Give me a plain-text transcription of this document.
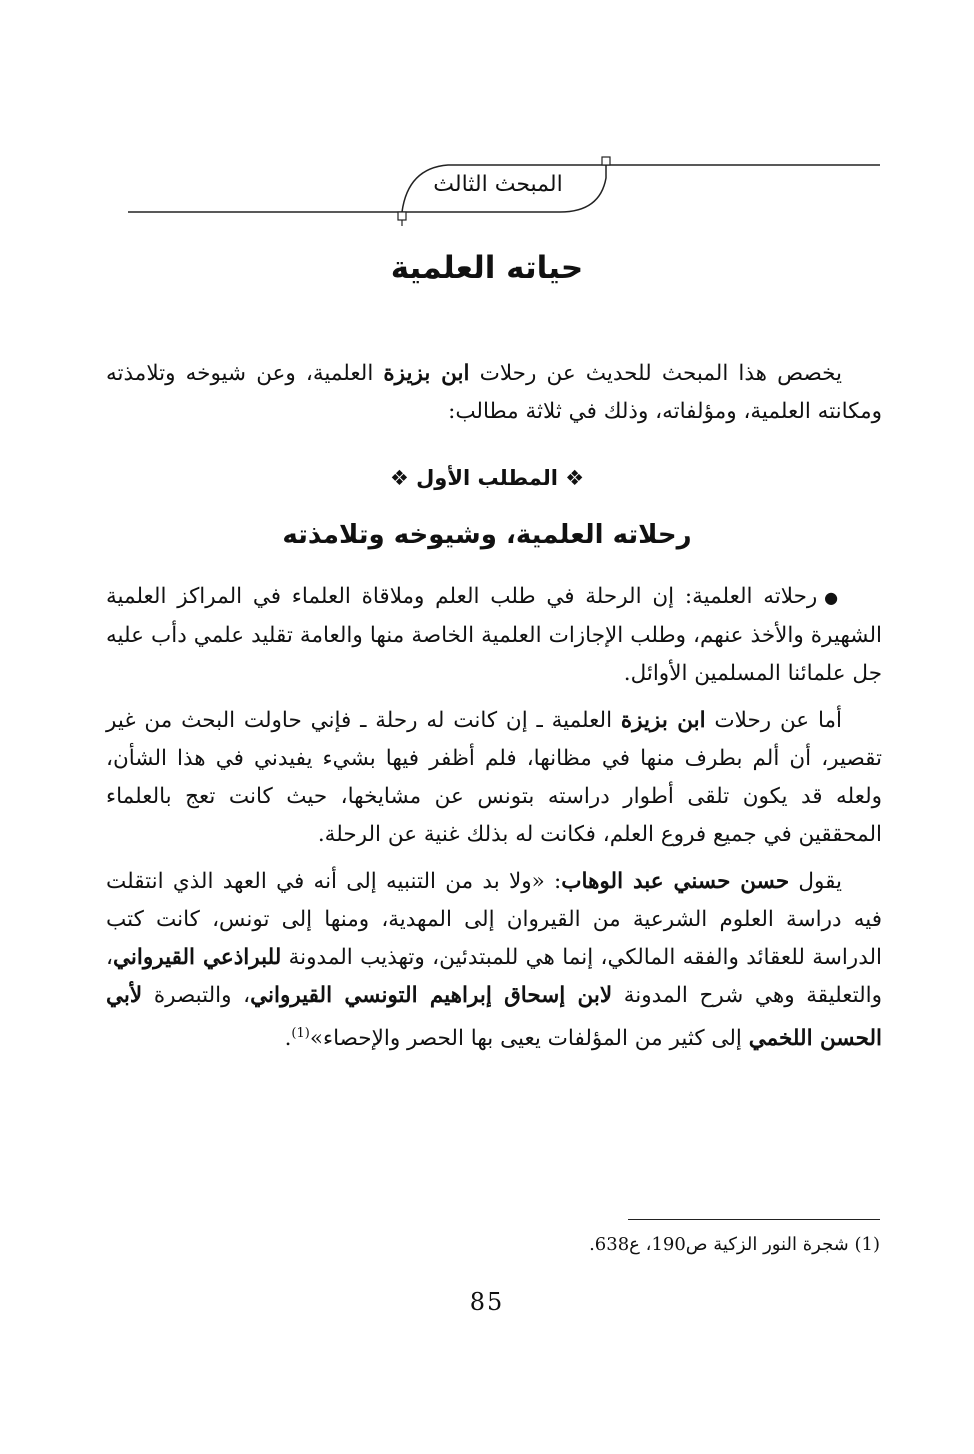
المبحث الثالث
حياته العلمية

يخصص هذا المبحث للحديث عن رحلات ابن بزيزة العلمية، وعن شيوخه وتلامذته ومكانته العلمية، ومؤلفاته، وذلك في ثلاثة مطالب:

❖ المطلب الأول ❖
رحلاته العلمية، وشيوخه وتلامذته

● رحلاته العلمية: إن الرحلة في طلب العلم وملاقاة العلماء في المراكز العلمية الشهيرة والأخذ عنهم، وطلب الإجازات العلمية الخاصة منها والعامة تقليد علمي دأب عليه جل علمائنا المسلمين الأوائل.

أما عن رحلات ابن بزيزة العلمية ـ إن كانت له رحلة ـ فإني حاولت البحث من غير تقصير، أن ألم بطرف منها في مظانها، فلم أظفر فيها بشيء يفيدني في هذا الشأن، ولعله قد يكون تلقى أطوار دراسته بتونس عن مشايخها، حيث كانت تعج بالعلماء المحققين في جميع فروع العلم، فكانت له بذلك غنية عن الرحلة.

يقول حسن حسني عبد الوهاب: «ولا بد من التنبيه إلى أنه في العهد الذي انتقلت فيه دراسة العلوم الشرعية من القيروان إلى المهدية، ومنها إلى تونس، كانت كتب الدراسة للعقائد والفقه المالكي، إنما هي للمبتدئين، وتهذيب المدونة للبراذعي القيرواني، والتعليقة وهي شرح المدونة لابن إسحاق إبراهيم التونسي القيرواني، والتبصرة لأبي الحسن اللخمي إلى كثير من المؤلفات يعيى بها الحصر والإحصاء»$^{(1)}$.

(1) شجرة النور الزكية ص190، ع638.
85
